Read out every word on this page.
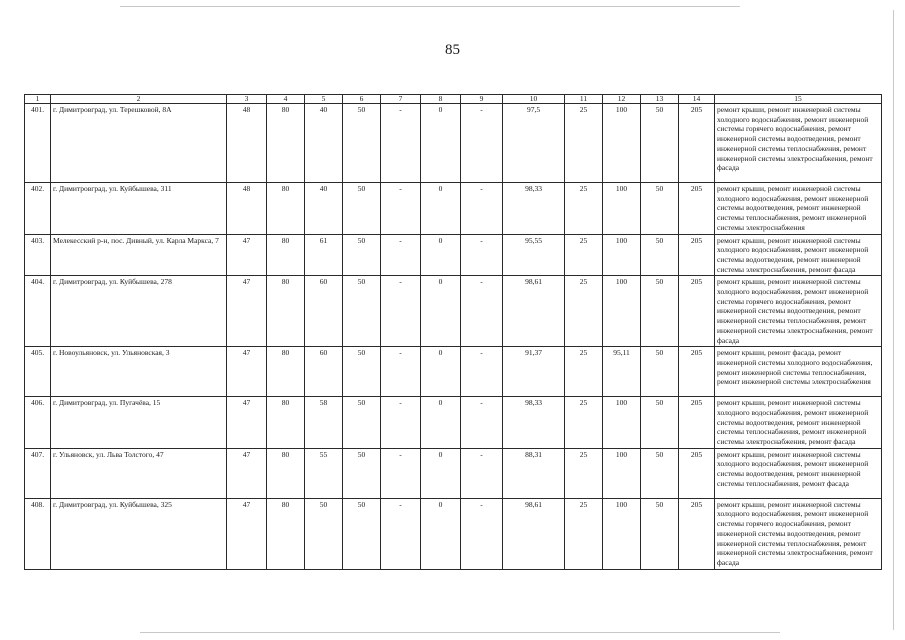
85
1	2	3	4	5	6	7	8	9	10	11	12	13	14	15
401.	г. Димитровград, ул. Терешковой, 8А	48	80	40	50	-	0	-	97,5	25	100	50	205	ремонт крыши, ремонт инженерной системы холодного водоснабжения, ремонт инженерной системы горячего водоснабжения, ремонт инженерной системы водоотведения, ремонт инженерной системы теплоснабжения, ремонт инженерной системы электроснабжения, ремонт фасада
402.	г. Димитровград, ул. Куйбышева, 311	48	80	40	50	-	0	-	98,33	25	100	50	205	ремонт крыши, ремонт инженерной системы холодного водоснабжения, ремонт инженерной системы водоотведения, ремонт инженерной системы теплоснабжения, ремонт инженерной системы электроснабжения
403.	Мелекесский р-н, пос. Дивный, ул. Карла Маркса, 7	47	80	61	50	-	0	-	95,55	25	100	50	205	ремонт крыши, ремонт инженерной системы холодного водоснабжения, ремонт инженерной системы водоотведения, ремонт инженерной системы электроснабжения, ремонт фасада
404.	г. Димитровград, ул. Куйбышева, 278	47	80	60	50	-	0	-	98,61	25	100	50	205	ремонт крыши, ремонт инженерной системы холодного водоснабжения, ремонт инженерной системы горячего водоснабжения, ремонт инженерной системы водоотведения, ремонт инженерной системы теплоснабжения, ремонт инженерной системы электроснабжения, ремонт фасада
405.	г. Новоульяновск, ул. Ульяновская, 3	47	80	60	50	-	0	-	91,37	25	95,11	50	205	ремонт крыши, ремонт фасада, ремонт инженерной системы холодного водоснабжения, ремонт инженерной системы теплоснабжения, ремонт инженерной системы электроснабжения
406.	г. Димитровград, ул. Пугачёва, 15	47	80	58	50	-	0	-	98,33	25	100	50	205	ремонт крыши, ремонт инженерной системы холодного водоснабжения, ремонт инженерной системы водоотведения, ремонт инженерной системы теплоснабжения, ремонт инженерной системы электроснабжения, ремонт фасада
407.	г. Ульяновск, ул. Льва Толстого, 47	47	80	55	50	-	0	-	88,31	25	100	50	205	ремонт крыши, ремонт инженерной системы холодного водоснабжения, ремонт инженерной системы водоотведения, ремонт инженерной системы теплоснабжения, ремонт фасада
408.	г. Димитровград, ул. Куйбышева, 325	47	80	50	50	-	0	-	98,61	25	100	50	205	ремонт крыши, ремонт инженерной системы холодного водоснабжения, ремонт инженерной системы горячего водоснабжения, ремонт инженерной системы водоотведения, ремонт инженерной системы теплоснабжения, ремонт инженерной системы электроснабжения, ремонт фасада
